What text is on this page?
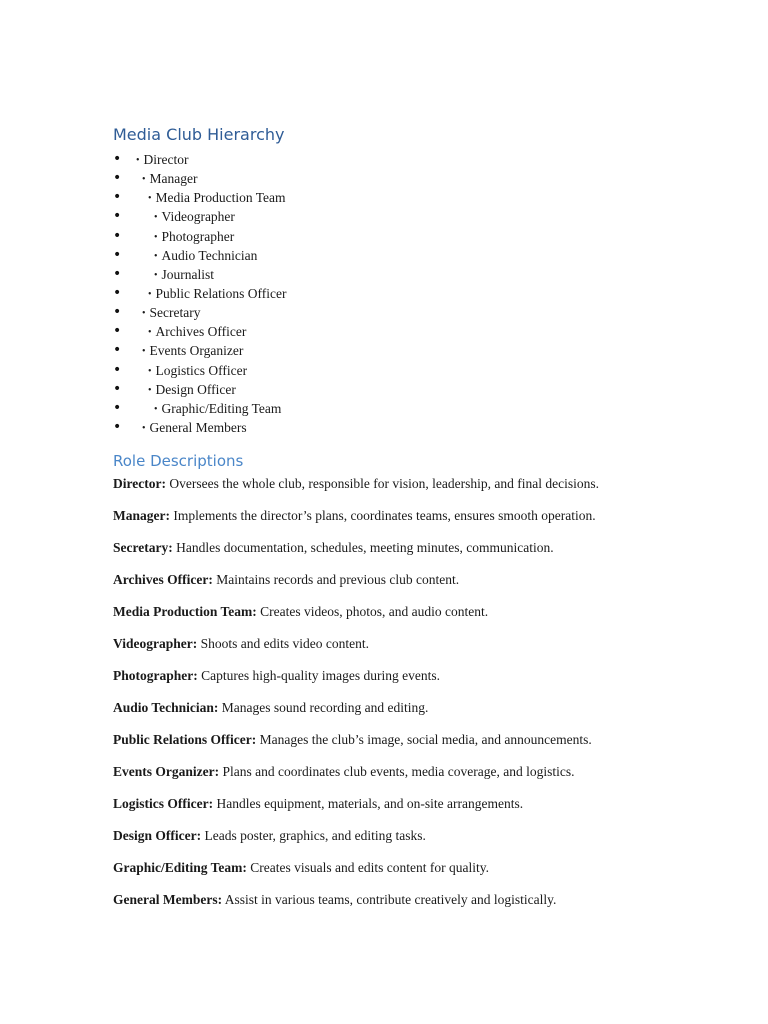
Media Club Hierarchy
• • Director
• • Manager
•	• Media Production Team
•	• Videographer
•	• Photographer
•	• Audio Technician
•	• Journalist
•	• Public Relations Officer
• • Secretary
•	• Archives Officer
• • Events Organizer
•	• Logistics Officer
•	• Design Officer
•	• Graphic/Editing Team
• • General Members
Role Descriptions

Director: Oversees the whole club, responsible for vision, leadership, and final decisions.

Manager: Implements the director’s plans, coordinates teams, ensures smooth operation.

Secretary: Handles documentation, schedules, meeting minutes, communication.

Archives Officer: Maintains records and previous club content.

Media Production Team: Creates videos, photos, and audio content.

Videographer: Shoots and edits video content.

Photographer: Captures high-quality images during events.

Audio Technician: Manages sound recording and editing.

Public Relations Officer: Manages the club’s image, social media, and announcements.

Events Organizer: Plans and coordinates club events, media coverage, and logistics.

Logistics Officer: Handles equipment, materials, and on-site arrangements.

Design Officer: Leads poster, graphics, and editing tasks.

Graphic/Editing Team: Creates visuals and edits content for quality.

General Members: Assist in various teams, contribute creatively and logistically.
